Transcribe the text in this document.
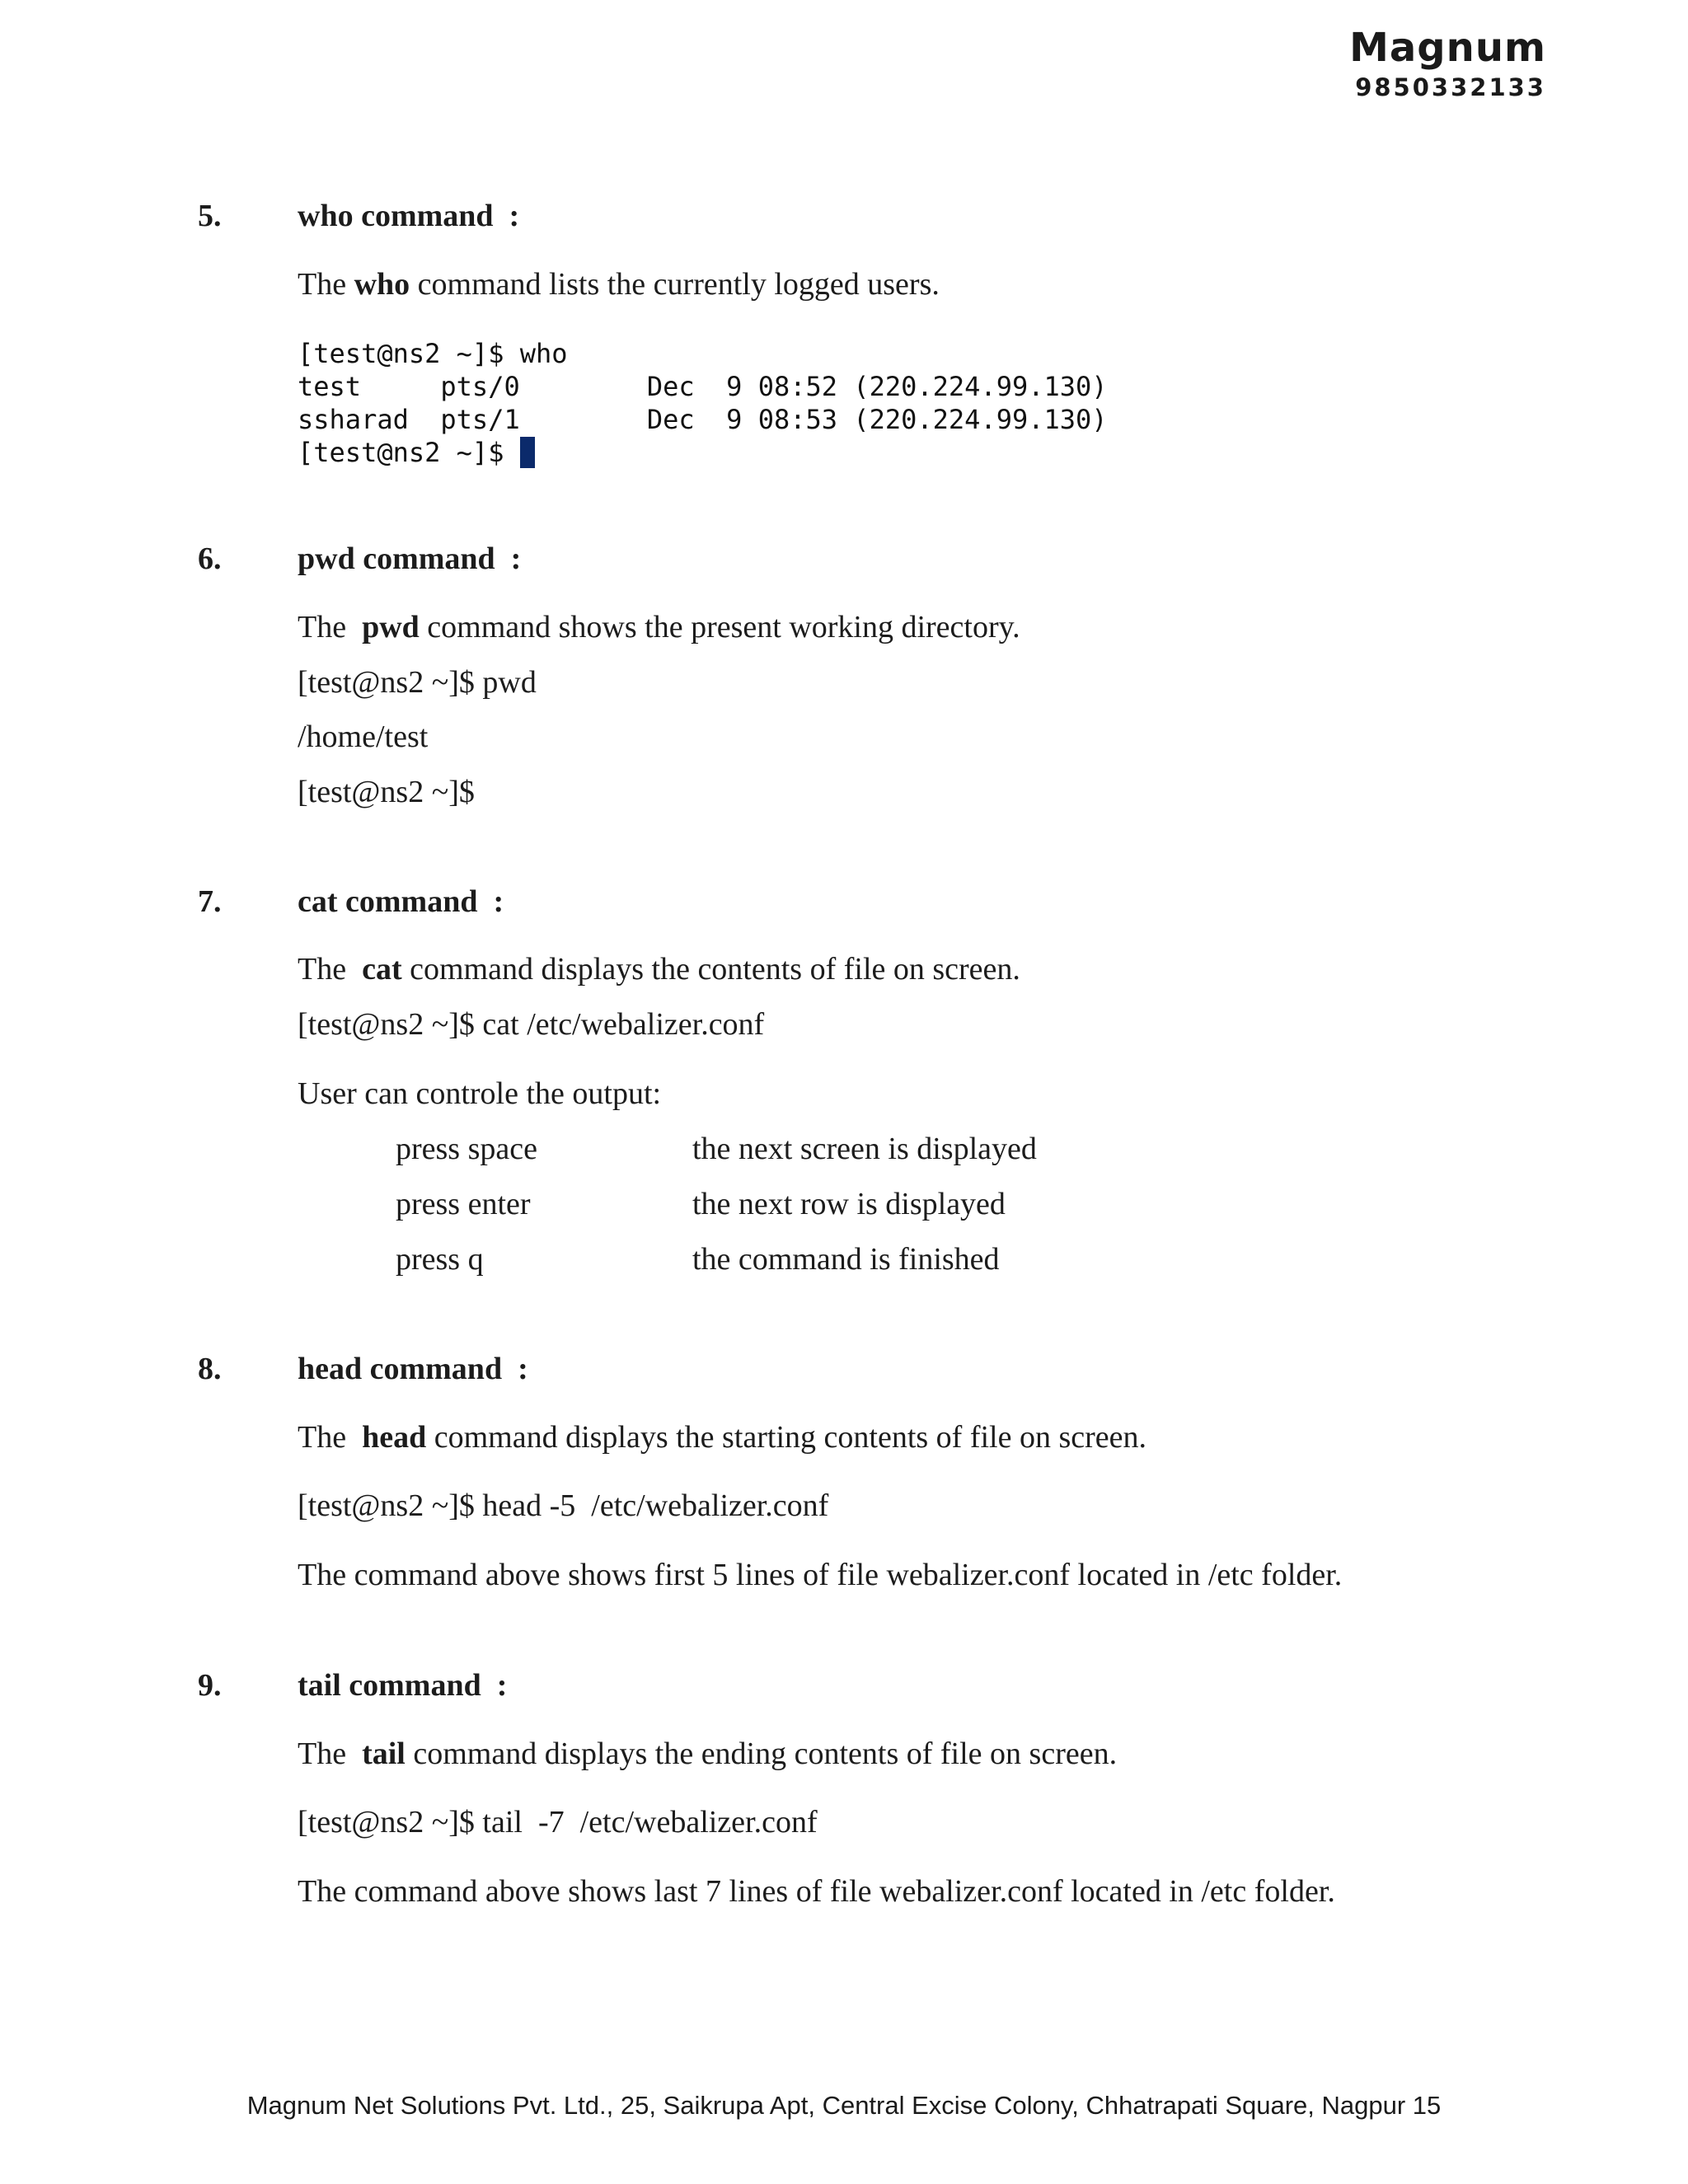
Magnum
9850332133
5. who command  :
The who command lists the currently logged users.
[test@ns2 ~]$ who
test     pts/0        Dec  9 08:52 (220.224.99.130)
ssharad  pts/1        Dec  9 08:53 (220.224.99.130)
[test@ns2 ~]$
6. pwd command  :
The  pwd command shows the present working directory.
[test@ns2 ~]$ pwd
/home/test
[test@ns2 ~]$
7. cat command  :
The  cat command displays the contents of file on screen.
[test@ns2 ~]$ cat /etc/webalizer.conf
User can controle the output:
press space	the next screen is displayed
press enter	the next row is displayed
press q	the command is finished
8. head command  :
The  head command displays the starting contents of file on screen.
[test@ns2 ~]$ head -5  /etc/webalizer.conf
The command above shows first 5 lines of file webalizer.conf located in /etc folder.
9. tail command  :
The  tail command displays the ending contents of file on screen.
[test@ns2 ~]$ tail  -7  /etc/webalizer.conf
The command above shows last 7 lines of file webalizer.conf located in /etc folder.
Magnum Net Solutions Pvt. Ltd., 25, Saikrupa Apt, Central Excise Colony, Chhatrapati Square, Nagpur 15
